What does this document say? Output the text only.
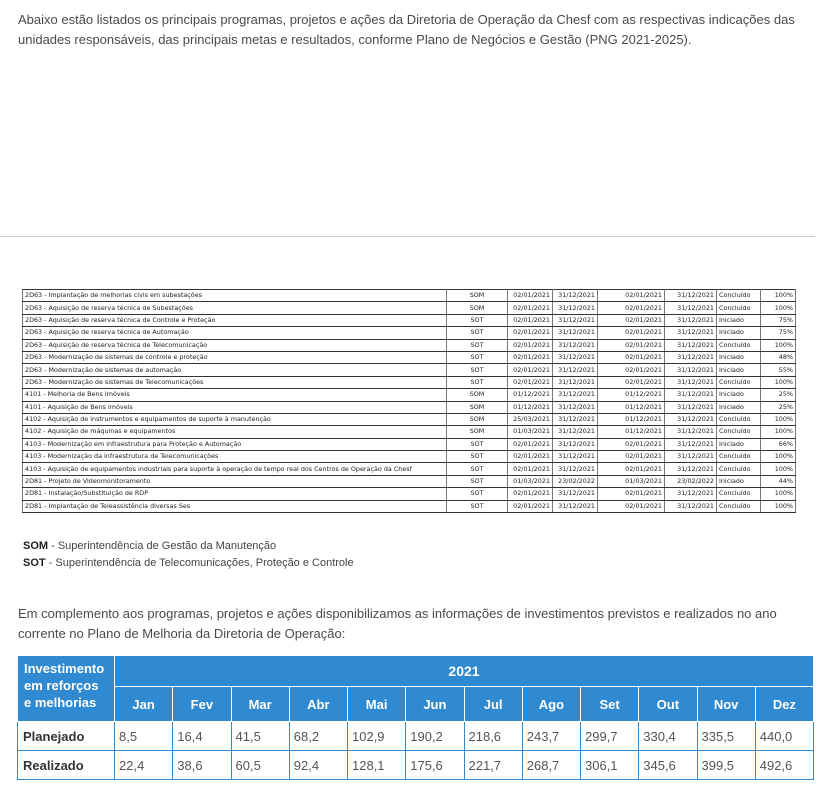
Abaixo estão listados os principais programas, projetos e ações da Diretoria de Operação da Chesf com as respectivas indicações das unidades responsáveis, das principais metas e resultados, conforme Plano de Negócios e Gestão (PNG 2021-2025).

2D63 - Implantação de melhorias civis em subestações	SOM	02/01/2021	31/12/2021	02/01/2021	31/12/2021	Concluído	100%
2D63 - Aquisição de reserva técnica de Subestações	SOM	02/01/2021	31/12/2021	02/01/2021	31/12/2021	Concluído	100%
2D63 - Aquisição de reserva técnica de Controle e Proteção	SOT	02/01/2021	31/12/2021	02/01/2021	31/12/2021	Iniciado	75%
2D63 - Aquisição de reserva técnica de Automação	SOT	02/01/2021	31/12/2021	02/01/2021	31/12/2021	Iniciado	75%
2D63 - Aquisição de reserva técnica de Telecomunicação	SOT	02/01/2021	31/12/2021	02/01/2021	31/12/2021	Concluído	100%
2D63 - Modernização de sistemas de controle e proteção	SOT	02/01/2021	31/12/2021	02/01/2021	31/12/2021	Iniciado	48%
2D63 - Modernização de sistemas de automação	SOT	02/01/2021	31/12/2021	02/01/2021	31/12/2021	Iniciado	55%
2D63 - Modernização de sistemas de Telecomunicações	SOT	02/01/2021	31/12/2021	02/01/2021	31/12/2021	Concluído	100%
4101 - Melhoria de Bens Imóveis	SOM	01/12/2021	31/12/2021	01/12/2021	31/12/2021	Iniciado	25%
4101 - Aquisição de Bens imóveis	SOM	01/12/2021	31/12/2021	01/12/2021	31/12/2021	Iniciado	25%
4102 - Aquisição de instrumentos e equipamentos de suporte à manutenção	SOM	25/03/2021	31/12/2021	01/12/2021	31/12/2021	Concluído	100%
4102 - Aquisição de máquinas e equipamentos	SOM	01/03/2021	31/12/2021	01/12/2021	31/12/2021	Concluído	100%
4103 - Modernização em infraestrutura para Proteção e Automação	SOT	02/01/2021	31/12/2021	02/01/2021	31/12/2021	Iniciado	66%
4103 - Modernização da infraestrutura de Telecomunicações	SOT	02/01/2021	31/12/2021	02/01/2021	31/12/2021	Concluído	100%
4103 - Aquisição de equipamentos industriais para suporte à operação de tempo real dos Centros de Operação da Chesf	SOT	02/01/2021	31/12/2021	02/01/2021	31/12/2021	Concluído	100%
2D81 - Projeto de Videomonitoramento	SOT	01/03/2021	23/02/2022	01/03/2021	23/02/2022	Iniciado	44%
2D81 - Instalação/Substituição de RDP	SOT	02/01/2021	31/12/2021	02/01/2021	31/12/2021	Concluído	100%
2D81 - Implantação de Teleassistência diversas Ses	SOT	02/01/2021	31/12/2021	02/01/2021	31/12/2021	Concluído	100%
SOM - Superintendência de Gestão da Manutenção
SOT - Superintendência de Telecomunicações, Proteção e Controle

Em complemento aos programas, projetos e ações disponibilizamos as informações de investimentos previstos e realizados no ano corrente no Plano de Melhoria da Diretoria de Operação:

Investimento em reforços e melhorias	2021											
	Jan	Fev	Mar	Abr	Mai	Jun	Jul	Ago	Set	Out	Nov	Dez
Planejado	8,5	16,4	41,5	68,2	102,9	190,2	218,6	243,7	299,7	330,4	335,5	440,0
Realizado	22,4	38,6	60,5	92,4	128,1	175,6	221,7	268,7	306,1	345,6	399,5	492,6
